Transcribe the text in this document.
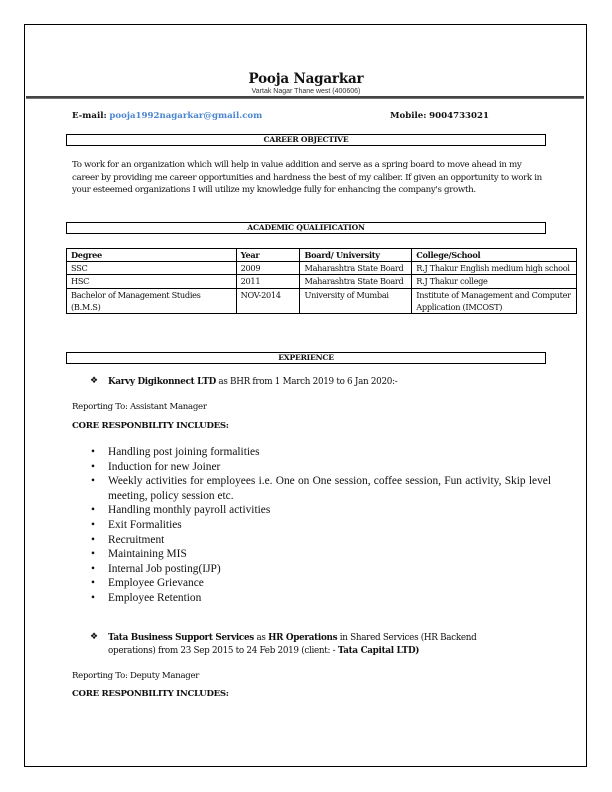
Pooja Nagarkar
Vartak Nagar Thane west (400606)
E-mail: pooja1992nagarkar@gmail.com	Mobile: 9004733021
CAREER OBJECTIVE
To work for an organization which will help in value addition and serve as a spring board to move ahead in my career by providing me career opportunities and hardness the best of my caliber. If given an opportunity to work in your esteemed organizations I will utilize my knowledge fully for enhancing the company's growth.
ACADEMIC QUALIFICATION
Degree	Year	Board/ University	College/School
SSC	2009	Maharashtra State Board	R.J Thakur English medium high school
HSC	2011	Maharashtra State Board	R.J Thakur college
Bachelor of Management Studies (B.M.S)	NOV-2014	University of Mumbai	Institute of Management and Computer Application (IMCOST)
EXPERIENCE
❖ Karvy Digikonnect LTD as BHR from 1 March 2019 to 6 Jan 2020:-
Reporting To: Assistant Manager
CORE RESPONBILITY INCLUDES:
• Handling post joining formalities
• Induction for new Joiner
• Weekly activities for employees i.e. One on One session, coffee session, Fun activity, Skip level meeting, policy session etc.
• Handling monthly payroll activities
• Exit Formalities
• Recruitment
• Maintaining MIS
• Internal Job posting(IJP)
• Employee Grievance
• Employee Retention
❖ Tata Business Support Services as HR Operations in Shared Services (HR Backend operations) from 23 Sep 2015 to 24 Feb 2019 (client: - Tata Capital LTD)
Reporting To: Deputy Manager
CORE RESPONBILITY INCLUDES:
